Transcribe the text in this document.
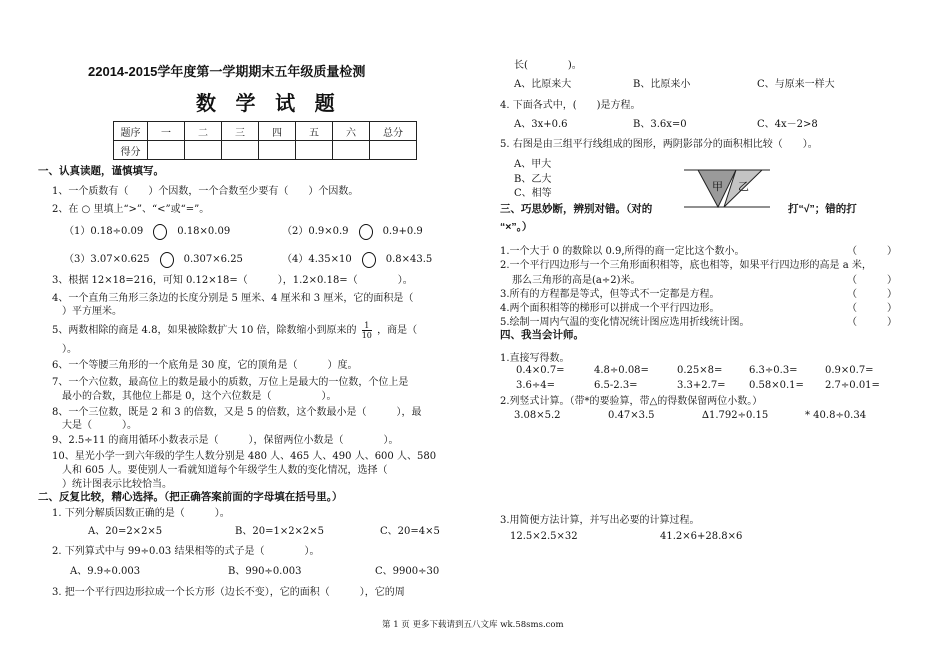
22014-2015学年度第一学期期末五年级质量检测
数 学 试 题
题序	一	二	三	四	五	六	总分
得分							
一、认真读题，谨慎填写。
1、一个质数有（　　）个因数，一个合数至少要有（　　）个因数。
2、在 ○ 里填上“>”、“<”或“=”。
（1）0.18÷0.09	0.18×0.09	（2）0.9×0.9	0.9+0.9
（3）3.07×0.625	0.307×6.25	（4）4.35×10	0.8×43.5
3、根据 12×18=216，可知 0.12×18=（　　　），1.2×0.18=（　　　　）。
4、一个直角三角形三条边的长度分别是 5 厘米、4 厘米和 3 厘米，它的面积是（
）平方厘米。
5、两数相除的商是 4.8，如果被除数扩大 10 倍，除数缩小到原来的 $\frac{1}{10}$ ，商是（
）。
6、一个等腰三角形的一个底角是 30 度，它的顶角是（　　　）度。
7、一个六位数，最高位上的数是最小的质数，万位上是最大的一位数，个位上是
最小的合数，其他位上都是 0，这个六位数是（　　　　　）。
8、一个三位数，既是 2 和 3 的倍数，又是 5 的倍数，这个数最小是（　　　），最
大是（　　　）。
9、2.5÷11 的商用循环小数表示是（　　　），保留两位小数是（　　　　）。
10、星光小学一到六年级的学生人数分别是 480 人、465 人、490 人、600 人、580
人和 605 人。要使别人一看就知道每个年级学生人数的变化情况，选择（
）统计图表示比较恰当。
二、反复比较，精心选择。（把正确答案前面的字母填在括号里。）
1. 下列分解质因数正确的是（　　　）。
A、20=2×2×5	B、20=1×2×2×5	C、20=4×5
2. 下列算式中与 99÷0.03 结果相等的式子是（　　　　）。
A、9.9÷0.003	B、990÷0.003	C、9900÷30
3. 把一个平行四边形拉成一个长方形（边长不变），它的面积（　　　），它的周
长(　　　　)。
A、比原来大	B、比原来小	C、与原来一样大
4. 下面各式中，(　　)是方程。
A、3x+0.6	B、3.6x=0	C、4x－2>8
5. 右图是由三组平行线组成的图形，两阴影部分的面积相比较（　　）。
A、甲大
B、乙大
C、相等
甲 乙
三、巧思妙断，辨别对错。（对的	打“√”；错的打
“×”。）
1.一个大于 0 的数除以 0.9,所得的商一定比这个数小。	（　　　）
2.一个平行四边形与一个三角形面积相等，底也相等，如果平行四边形的高是 a 米，
那么三角形的高是(a÷2)米。	（　　　）
3.所有的方程都是等式，但等式不一定都是方程。	（　　　）
4.两个面积相等的梯形可以拼成一个平行四边形。	（　　　）
5.绘制一周内气温的变化情况统计图应选用折线统计图。	（　　　）
四、我当会计师。
1.直接写得数。
0.4×0.7=	4.8÷0.08=	0.25×8=	6.3÷0.3=	0.9×0.7=
3.6÷4=	6.5-2.3=	3.3+2.7= 0.58×0.1= 2.7÷0.01=
2.列竖式计算。（带*的要验算，带△的得数保留两位小数。）
3.08×5.2	0.47×3.5	∆1.792÷0.15	* 40.8÷0.34
3.用简便方法计算，并写出必要的计算过程。
12.5×2.5×32	41.2×6+28.8×6
第 1 页 更多下载请到五八文库 wk.58sms.com
